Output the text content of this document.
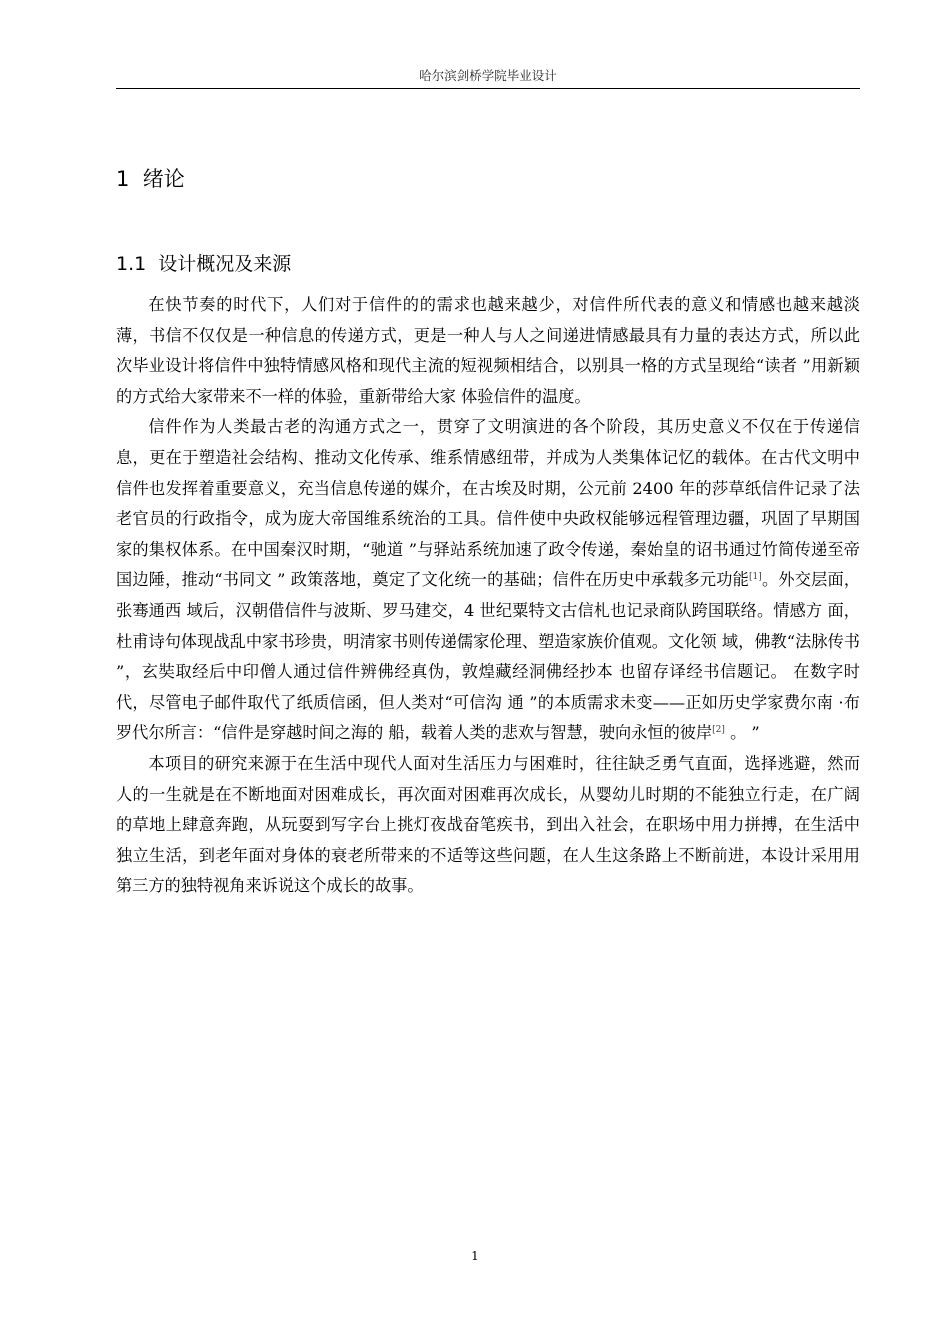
哈尔滨剑桥学院毕业设计
1  绪论
1.1  设计概况及来源

在快节奏的时代下，人们对于信件的的需求也越来越少，对信件所代表的意义和情感也越来越淡薄，书信不仅仅是一种信息的传递方式，更是一种人与人之间递进情感最具有力量的表达方式，所以此次毕业设计将信件中独特情感风格和现代主流的短视频相结合，以别具一格的方式呈现给“读者 ”用新颖的方式给大家带来不一样的体验，重新带给大家 体验信件的温度。

信件作为人类最古老的沟通方式之一，贯穿了文明演进的各个阶段，其历史意义不仅在于传递信息，更在于塑造社会结构、推动文化传承、维系情感纽带，并成为人类集体记忆的载体。在古代文明中信件也发挥着重要意义，充当信息传递的媒介，在古埃及时期，公元前 2400 年的莎草纸信件记录了法老官员的行政指令，成为庞大帝国维系统治的工具。信件使中央政权能够远程管理边疆，巩固了早期国家的集权体系。在中国秦汉时期，“驰道 ”与驿站系统加速了政令传递，秦始皇的诏书通过竹简传递至帝国边陲，推动“书同文 ” 政策落地，奠定了文化统一的基础；信件在历史中承载多元功能[1]。外交层面，张骞通西 域后，汉朝借信件与波斯、罗马建交，4 世纪粟特文古信札也记录商队跨国联络。情感方 面，杜甫诗句体现战乱中家书珍贵，明清家书则传递儒家伦理、塑造家族价值观。文化领 域，佛教“法脉传书 ”，玄奘取经后中印僧人通过信件辨佛经真伪，敦煌藏经洞佛经抄本 也留存译经书信题记。 在数字时代，尽管电子邮件取代了纸质信函，但人类对“可信沟 通 ”的本质需求未变——正如历史学家费尔南 ·布罗代尔所言：“信件是穿越时间之海的 船，载着人类的悲欢与智慧，驶向永恒的彼岸[2] 。 ”

本项目的研究来源于在生活中现代人面对生活压力与困难时，往往缺乏勇气直面，选择逃避，然而人的一生就是在不断地面对困难成长，再次面对困难再次成长，从婴幼儿时期的不能独立行走，在广阔的草地上肆意奔跑，从玩耍到写字台上挑灯夜战奋笔疾书，到出入社会，在职场中用力拼搏，在生活中独立生活，到老年面对身体的衰老所带来的不适等这些问题，在人生这条路上不断前进，本设计采用用第三方的独特视角来诉说这个成长的故事。

1
